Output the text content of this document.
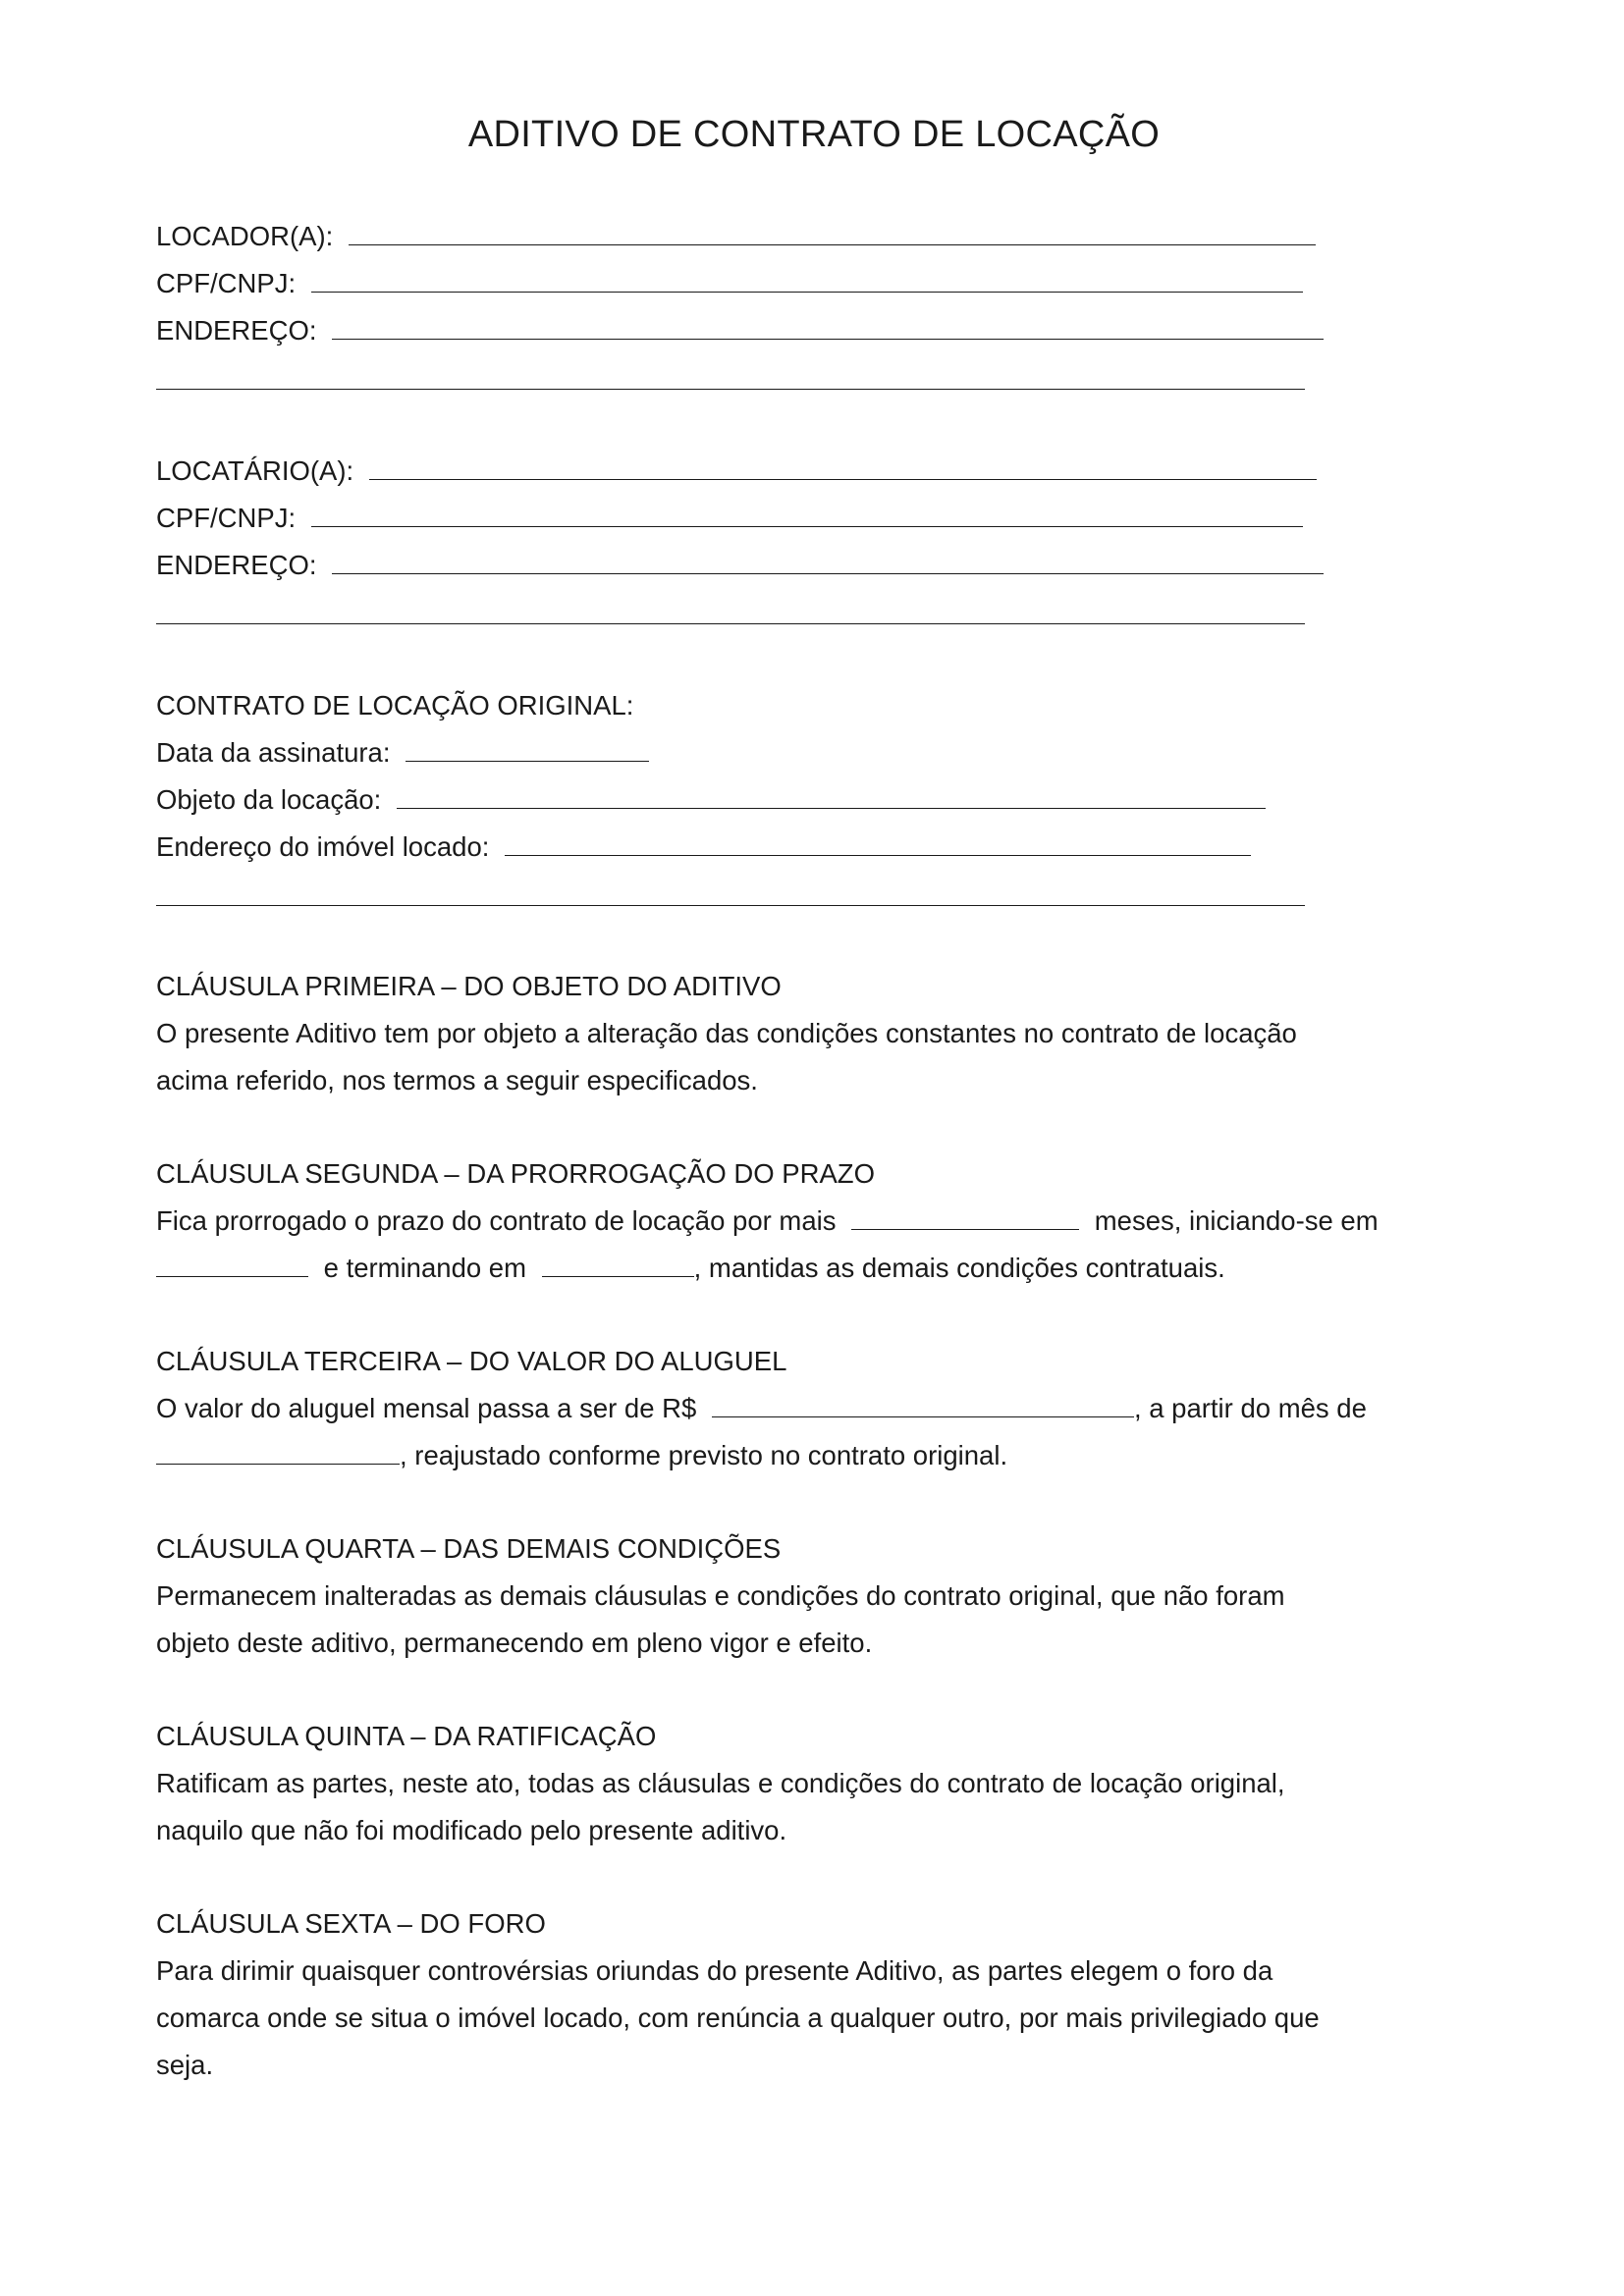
ADITIVO DE CONTRATO DE LOCAÇÃO
LOCADOR(A):
CPF/CNPJ:
ENDEREÇO:
LOCATÁRIO(A):
CPF/CNPJ:
ENDEREÇO:
CONTRATO DE LOCAÇÃO ORIGINAL:
Data da assinatura:
Objeto da locação:
Endereço do imóvel locado:
CLÁUSULA PRIMEIRA – DO OBJETO DO ADITIVO
O presente Aditivo tem por objeto a alteração das condições constantes no contrato de locação
acima referido, nos termos a seguir especificados.
CLÁUSULA SEGUNDA – DA PRORROGAÇÃO DO PRAZO
Fica prorrogado o prazo do contrato de locação por mais	meses, iniciando-se em
e terminando em	, mantidas as demais condições contratuais.
CLÁUSULA TERCEIRA – DO VALOR DO ALUGUEL
O valor do aluguel mensal passa a ser de R$	, a partir do mês de
, reajustado conforme previsto no contrato original.
CLÁUSULA QUARTA – DAS DEMAIS CONDIÇÕES
Permanecem inalteradas as demais cláusulas e condições do contrato original, que não foram
objeto deste aditivo, permanecendo em pleno vigor e efeito.
CLÁUSULA QUINTA – DA RATIFICAÇÃO
Ratificam as partes, neste ato, todas as cláusulas e condições do contrato de locação original,
naquilo que não foi modificado pelo presente aditivo.
CLÁUSULA SEXTA – DO FORO
Para dirimir quaisquer controvérsias oriundas do presente Aditivo, as partes elegem o foro da
comarca onde se situa o imóvel locado, com renúncia a qualquer outro, por mais privilegiado que
seja.
